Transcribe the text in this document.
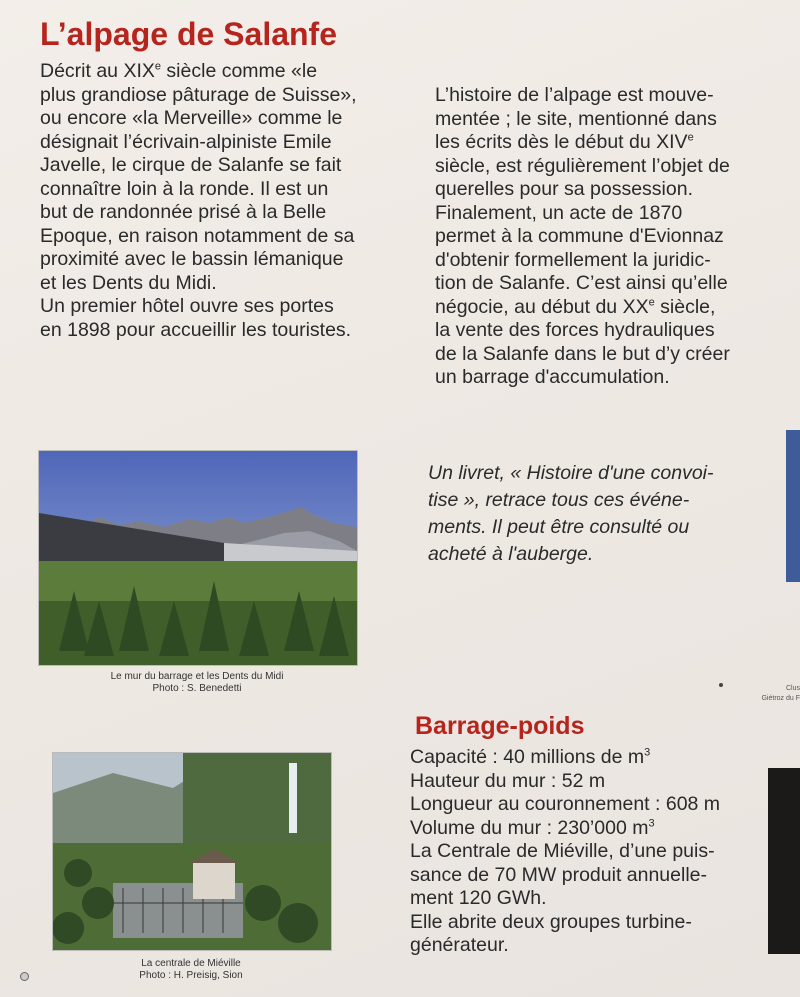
L’alpage de Salanfe
Décrit au XIXe siècle comme «le
plus grandiose pâturage de Suisse»,
ou encore «la Merveille» comme le
désignait l’écrivain-alpiniste Emile
Javelle, le cirque de Salanfe se fait
connaître loin à la ronde. Il est un
but de randonnée prisé à la Belle
Epoque, en raison notamment de sa
proximité avec le bassin lémanique
et les Dents du Midi.
Un premier hôtel ouvre ses portes
en 1898 pour accueillir les touristes.
L’histoire de l’alpage est mouve-
mentée ; le site, mentionné dans
les écrits dès le début du XIVe
siècle, est régulièrement l’objet de
querelles pour sa possession.
Finalement, un acte de 1870
permet à la commune d'Evionnaz
d'obtenir formellement la juridic-
tion de Salanfe. C’est ainsi qu’elle
négocie, au début du XXe siècle,
la vente des forces hydrauliques
de la Salanfe dans le but d’y créer
un barrage d'accumulation.
Un livret, « Histoire d'une convoi-
tise », retrace tous ces événe-
ments. Il peut être consulté ou
acheté à l'auberge.
Le mur du barrage et les Dents du Midi
Photo : S. Benedetti
La centrale de Miéville
Photo : H. Preisig, Sion
Barrage-poids
Capacité : 40 millions de $m^3$
Hauteur du mur : 52 m
Longueur au couronnement : 608 m
Volume du mur : 230’000 $m^3$
La Centrale de Miéville, d’une puis-
sance de 70 MW produit annuelle-
ment 120 GWh.
Elle abrite deux groupes turbine-
générateur.
Clus
Giétroz du F
